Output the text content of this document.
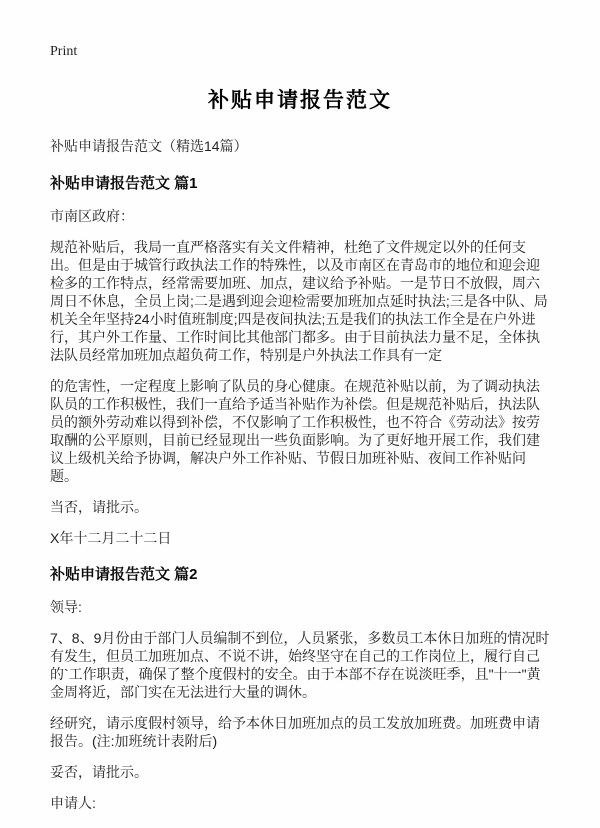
Print
补贴申请报告范文

补贴申请报告范文（精选14篇）

补贴申请报告范文 篇1

市南区政府：

规范补贴后，我局一直严格落实有关文件精神，杜绝了文件规定以外的任何支出。但是由于城管行政执法工作的特殊性，以及市南区在青岛市的地位和迎会迎检多的工作特点，经常需要加班、加点，建议给予补贴。一是节日不放假，周六周日不休息，全员上岗;二是遇到迎会迎检需要加班加点延时执法;三是各中队、局机关全年坚持24小时值班制度;四是夜间执法;五是我们的执法工作全是在户外进行，其户外工作量、工作时间比其他部门都多。由于目前执法力量不足，全体执法队员经常加班加点超负荷工作，特别是户外执法工作具有一定

的危害性，一定程度上影响了队员的身心健康。在规范补贴以前，为了调动执法队员的工作积极性，我们一直给予适当补贴作为补偿。但是规范补贴后，执法队员的额外劳动难以得到补偿，不仅影响了工作积极性，也不符合《劳动法》按劳取酬的公平原则，目前已经显现出一些负面影响。为了更好地开展工作，我们建议上级机关给予协调，解决户外工作补贴、节假日加班补贴、夜间工作补贴问题。

当否，请批示。

X年十二月二十二日

补贴申请报告范文 篇2

领导:

7、8、9月份由于部门人员编制不到位，人员紧张，多数员工本休日加班的情况时有发生，但员工加班加点、不说不讲，始终坚守在自己的工作岗位上，履行自己的`工作职责，确保了整个度假村的安全。由于本部不存在说淡旺季，且"十一"黄金周将近，部门实在无法进行大量的调休。

经研究，请示度假村领导，给予本休日加班加点的员工发放加班费。加班费申请报告。(注:加班统计表附后)

妥否，请批示。

申请人:
